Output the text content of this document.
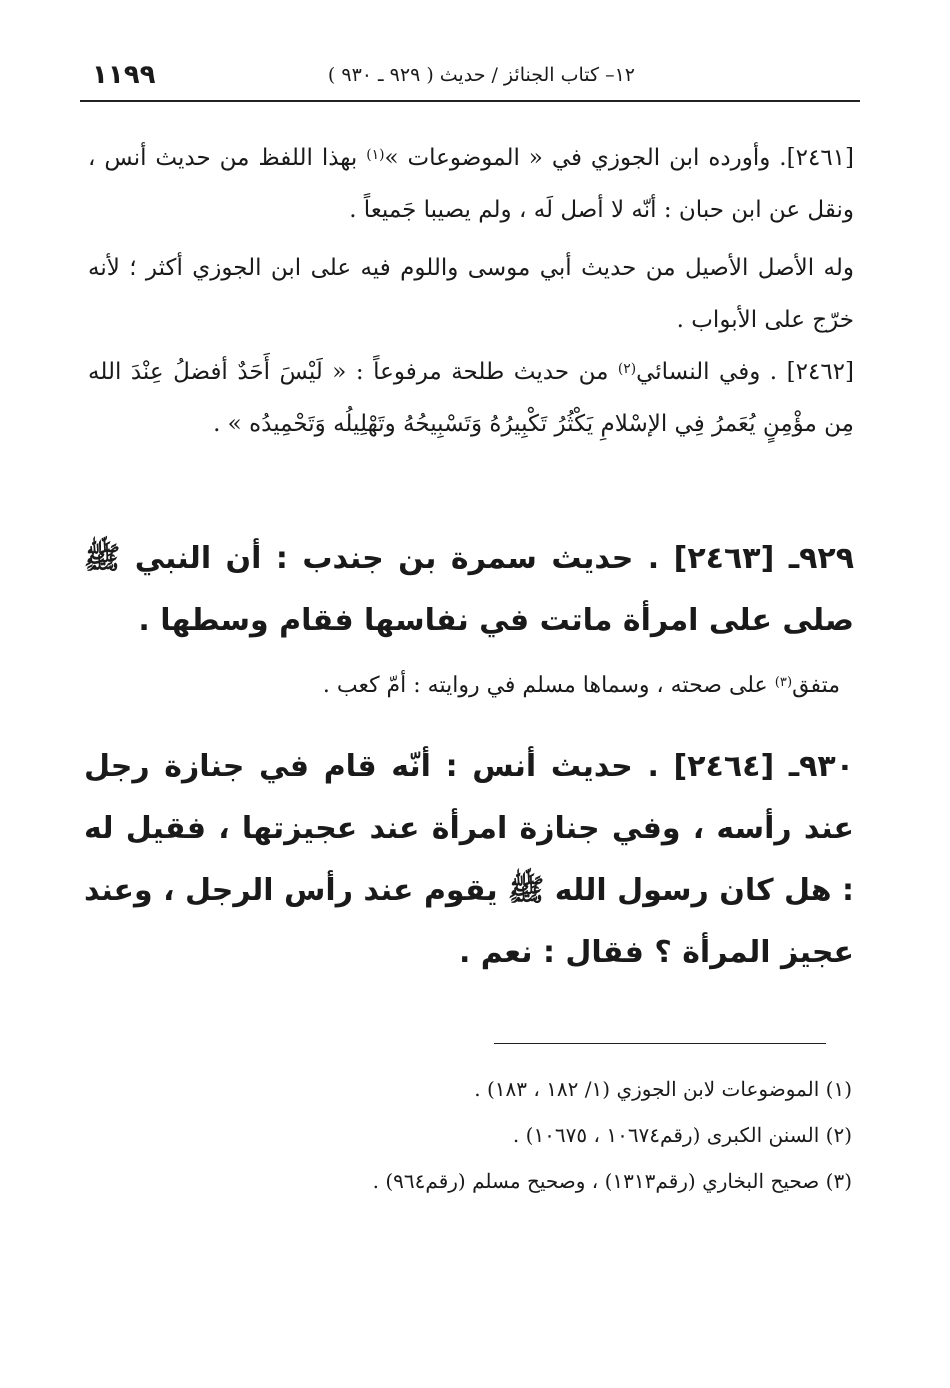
١١٩٩	١٢– كتاب الجنائز / حديث ( ٩٢٩ ـ ٩٣٠ )
[٢٤٦١]. وأورده ابن الجوزي في « الموضوعات »$^{(١)}$ بهذا اللفظ من حديث أنس ، ونقل عن ابن حبان : أنّه لا أصل لَه ، ولم يصيبا جَميعاً .
وله الأصل الأصيل من حديث أبي موسى واللوم فيه على ابن الجوزي أكثر ؛ لأنه خرّج على الأبواب .
[٢٤٦٢] . وفي النسائي$^{(٢)}$ من حديث طلحة مرفوعاً : « لَيْسَ أَحَدٌ أفضلُ عِنْدَ الله مِن مؤْمِنٍ يُعَمرُ فِي الإسْلامِ يَكْثُرُ تَكْبِيرُهُ وَتَسْبِيحُهُ وتَهْلِيلُه وَتَحْمِيدُه » .
٩٢٩ـ [٢٤٦٣] . حديث سمرة بن جندب : أن النبي ﷺ صلى على امرأة ماتت في نفاسها فقام وسطها .
متفق$^{(٣)}$ على صحته ، وسماها مسلم في روايته : أمّ كعب .
٩٣٠ـ [٢٤٦٤] . حديث أنس : أنّه قام في جنازة رجل عند رأسه ، وفي جنازة امرأة عند عجيزتها ، فقيل له : هل كان رسول الله ﷺ يقوم عند رأس الرجل ، وعند عجيز المرأة ؟ فقال : نعم .
(١) الموضوعات لابن الجوزي (١/ ١٨٢ ، ١٨٣) .
(٢) السنن الكبرى (رقم١٠٦٧٤ ، ١٠٦٧٥) .
(٣) صحيح البخاري (رقم١٣١٣) ، وصحيح مسلم (رقم٩٦٤) .
